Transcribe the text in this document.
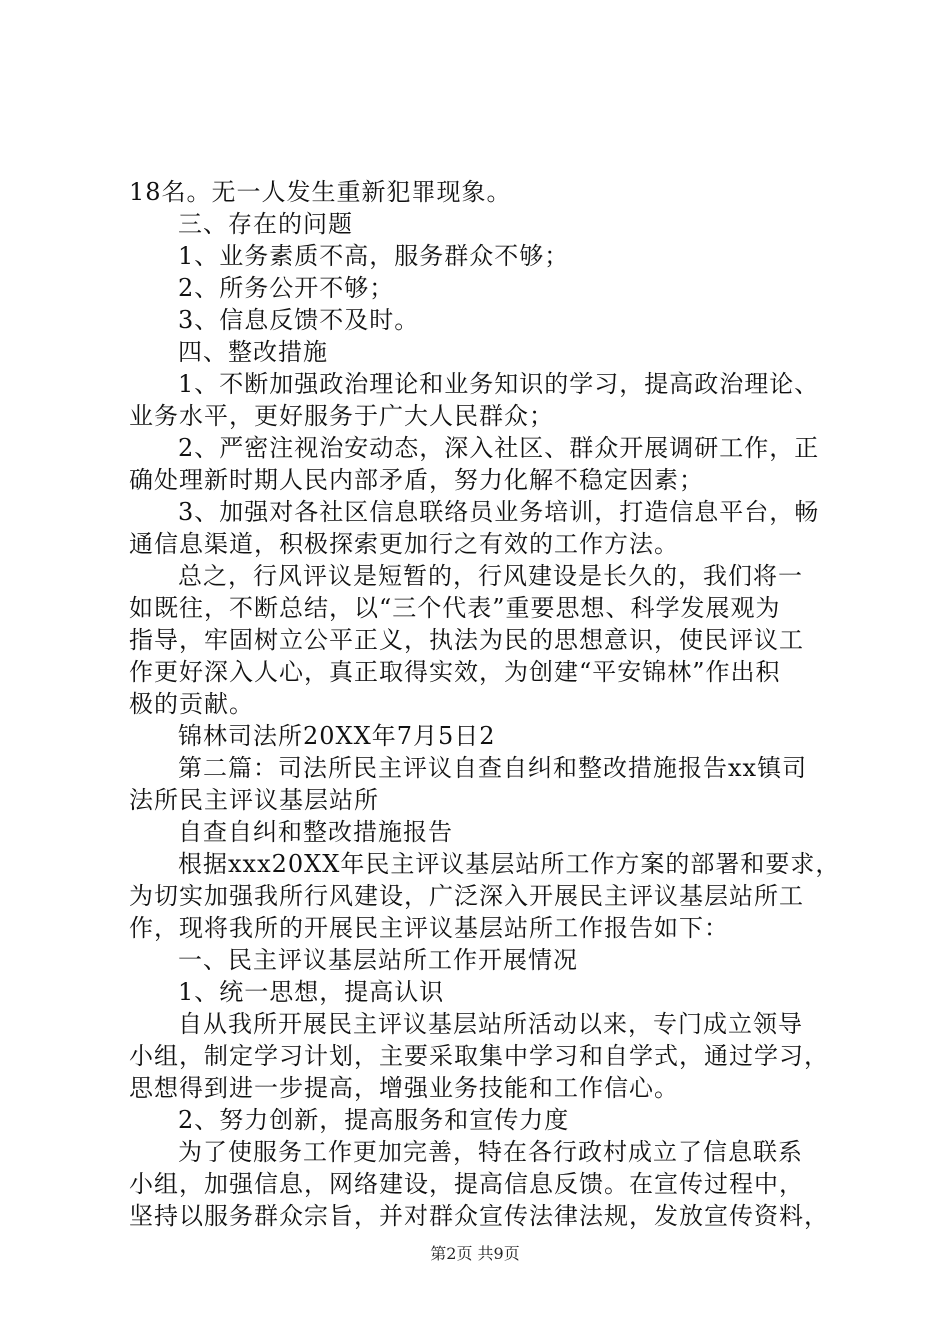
18名。无一人发生重新犯罪现象。
三、存在的问题
1、业务素质不高，服务群众不够；
2、所务公开不够；
3、信息反馈不及时。
四、整改措施
1、不断加强政治理论和业务知识的学习，提高政治理论、
业务水平，更好服务于广大人民群众；
2、严密注视治安动态，深入社区、群众开展调研工作，正
确处理新时期人民内部矛盾，努力化解不稳定因素；
3、加强对各社区信息联络员业务培训，打造信息平台，畅
通信息渠道，积极探索更加行之有效的工作方法。
总之，行风评议是短暂的，行风建设是长久的，我们将一
如既往，不断总结，以“三个代表”重要思想、科学发展观为
指导，牢固树立公平正义，执法为民的思想意识，使民评议工
作更好深入人心，真正取得实效，为创建“平安锦林”作出积
极的贡献。
锦林司法所20XX年7月5日2
第二篇：司法所民主评议自查自纠和整改措施报告xx镇司
法所民主评议基层站所
自查自纠和整改措施报告
根据xxx20XX年民主评议基层站所工作方案的部署和要求，
为切实加强我所行风建设，广泛深入开展民主评议基层站所工
作，现将我所的开展民主评议基层站所工作报告如下：
一、民主评议基层站所工作开展情况
1、统一思想，提高认识
自从我所开展民主评议基层站所活动以来，专门成立领导
小组，制定学习计划，主要采取集中学习和自学式，通过学习，
思想得到进一步提高，增强业务技能和工作信心。
2、努力创新，提高服务和宣传力度
为了使服务工作更加完善，特在各行政村成立了信息联系
小组，加强信息，网络建设，提高信息反馈。在宣传过程中，
坚持以服务群众宗旨，并对群众宣传法律法规，发放宣传资料，
第2页 共9页
